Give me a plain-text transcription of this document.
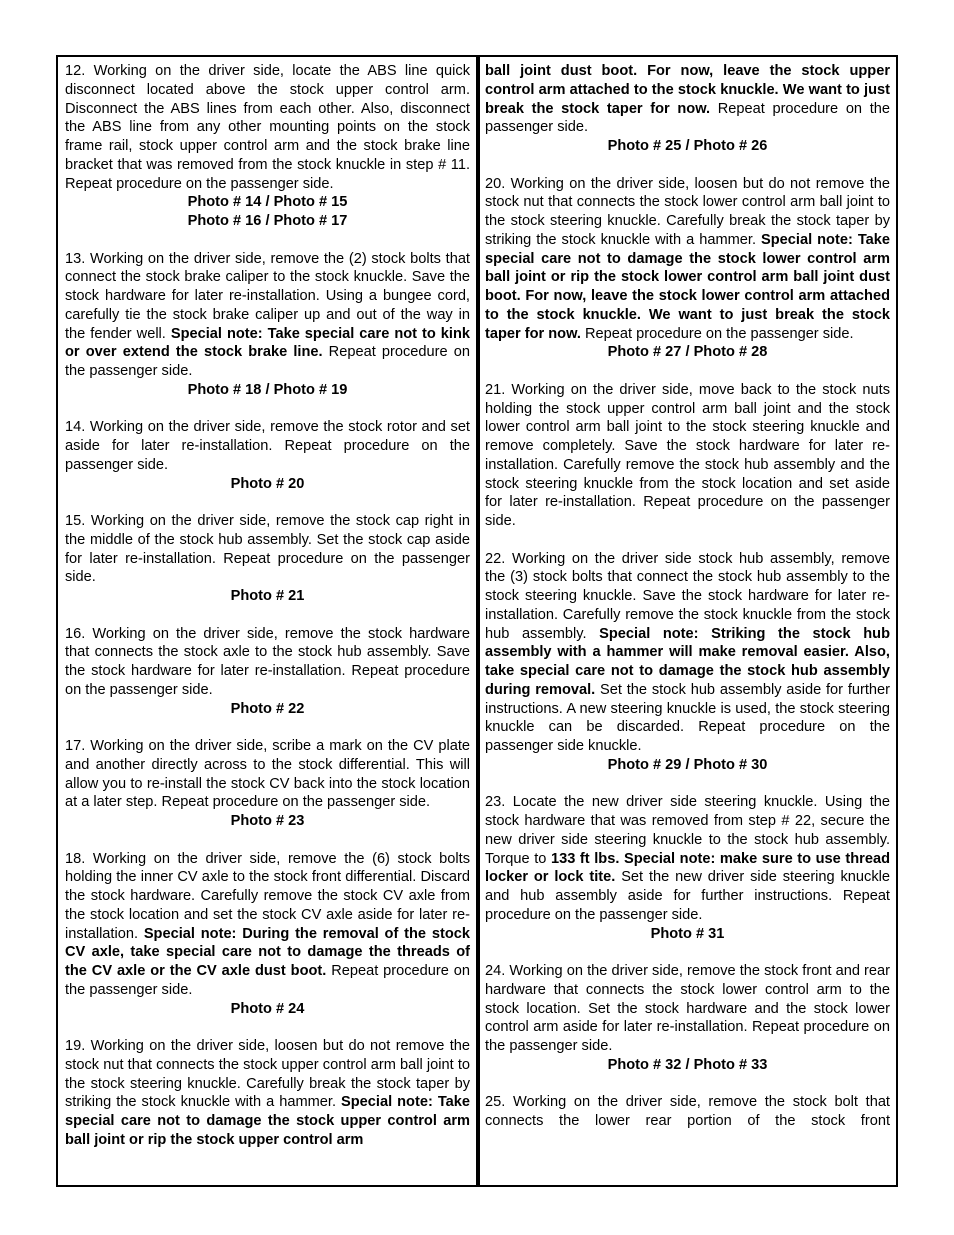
12. Working on the driver side, locate the ABS line quick disconnect located above the stock upper control arm. Disconnect the ABS lines from each other. Also, disconnect the ABS line from any other mounting points on the stock frame rail, stock upper control arm and the stock brake line bracket that was removed from the stock knuckle in step # 11. Repeat procedure on the passenger side.

Photo # 14 / Photo # 15

Photo # 16 / Photo # 17

13. Working on the driver side, remove the (2) stock bolts that connect the stock brake caliper to the stock knuckle. Save the stock hardware for later re-installation. Using a bungee cord, carefully tie the stock brake caliper up and out of the way in the fender well. Special note: Take special care not to kink or over extend the stock brake line. Repeat procedure on the passenger side.

Photo # 18 / Photo # 19

14. Working on the driver side, remove the stock rotor and set aside for later re-installation. Repeat procedure on the passenger side.

Photo # 20

15. Working on the driver side, remove the stock cap right in the middle of the stock hub assembly. Set the stock cap aside for later re-installation. Repeat procedure on the passenger side.

Photo # 21

16. Working on the driver side, remove the stock hardware that connects the stock axle to the stock hub assembly. Save the stock hardware for later re-installation. Repeat procedure on the passenger side.

Photo # 22

17. Working on the driver side, scribe a mark on the CV plate and another directly across to the stock differential. This will allow you to re-install the stock CV back into the stock location at a later step. Repeat procedure on the passenger side.

Photo # 23

18. Working on the driver side, remove the (6) stock bolts holding the inner CV axle to the stock front differential. Discard the stock hardware. Carefully remove the stock CV axle from the stock location and set the stock CV axle aside for later re-installation. Special note: During the removal of the stock CV axle, take special care not to damage the threads of the CV axle or the CV axle dust boot. Repeat procedure on the passenger side.

Photo # 24

19. Working on the driver side, loosen but do not remove the stock nut that connects the stock upper control arm ball joint to the stock steering knuckle. Carefully break the stock taper by striking the stock knuckle with a hammer. Special note: Take special care not to damage the stock upper control arm ball joint or rip the stock upper control arm

ball joint dust boot. For now, leave the stock upper control arm attached to the stock knuckle. We want to just break the stock taper for now. Repeat procedure on the passenger side.

Photo # 25 / Photo # 26

20. Working on the driver side, loosen but do not remove the stock nut that connects the stock lower control arm ball joint to the stock steering knuckle. Carefully break the stock taper by striking the stock knuckle with a hammer. Special note: Take special care not to damage the stock lower control arm ball joint or rip the stock lower control arm ball joint dust boot. For now, leave the stock lower control arm attached to the stock knuckle. We want to just break the stock taper for now. Repeat procedure on the passenger side.

Photo # 27 / Photo # 28

21. Working on the driver side, move back to the stock nuts holding the stock upper control arm ball joint and the stock lower control arm ball joint to the stock steering knuckle and remove completely. Save the stock hardware for later re-installation. Carefully remove the stock hub assembly and the stock steering knuckle from the stock location and set aside for later re-installation. Repeat procedure on the passenger side.

22. Working on the driver side stock hub assembly, remove the (3) stock bolts that connect the stock hub assembly to the stock steering knuckle. Save the stock hardware for later re-installation. Carefully remove the stock knuckle from the stock hub assembly. Special note: Striking the stock hub assembly with a hammer will make removal easier. Also, take special care not to damage the stock hub assembly during removal. Set the stock hub assembly aside for further instructions. A new steering knuckle is used, the stock steering knuckle can be discarded. Repeat procedure on the passenger side knuckle.

Photo # 29 / Photo # 30

23. Locate the new driver side steering knuckle. Using the stock hardware that was removed from step # 22, secure the new driver side steering knuckle to the stock hub assembly. Torque to 133 ft lbs. Special note: make sure to use thread locker or lock tite. Set the new driver side steering knuckle and hub assembly aside for further instructions. Repeat procedure on the passenger side.

Photo # 31

24. Working on the driver side, remove the stock front and rear hardware that connects the stock lower control arm to the stock location. Set the stock hardware and the stock lower control arm aside for later re-installation. Repeat procedure on the passenger side.

Photo # 32 / Photo # 33

25. Working on the driver side, remove the stock bolt that connects the lower rear portion of the stock front
